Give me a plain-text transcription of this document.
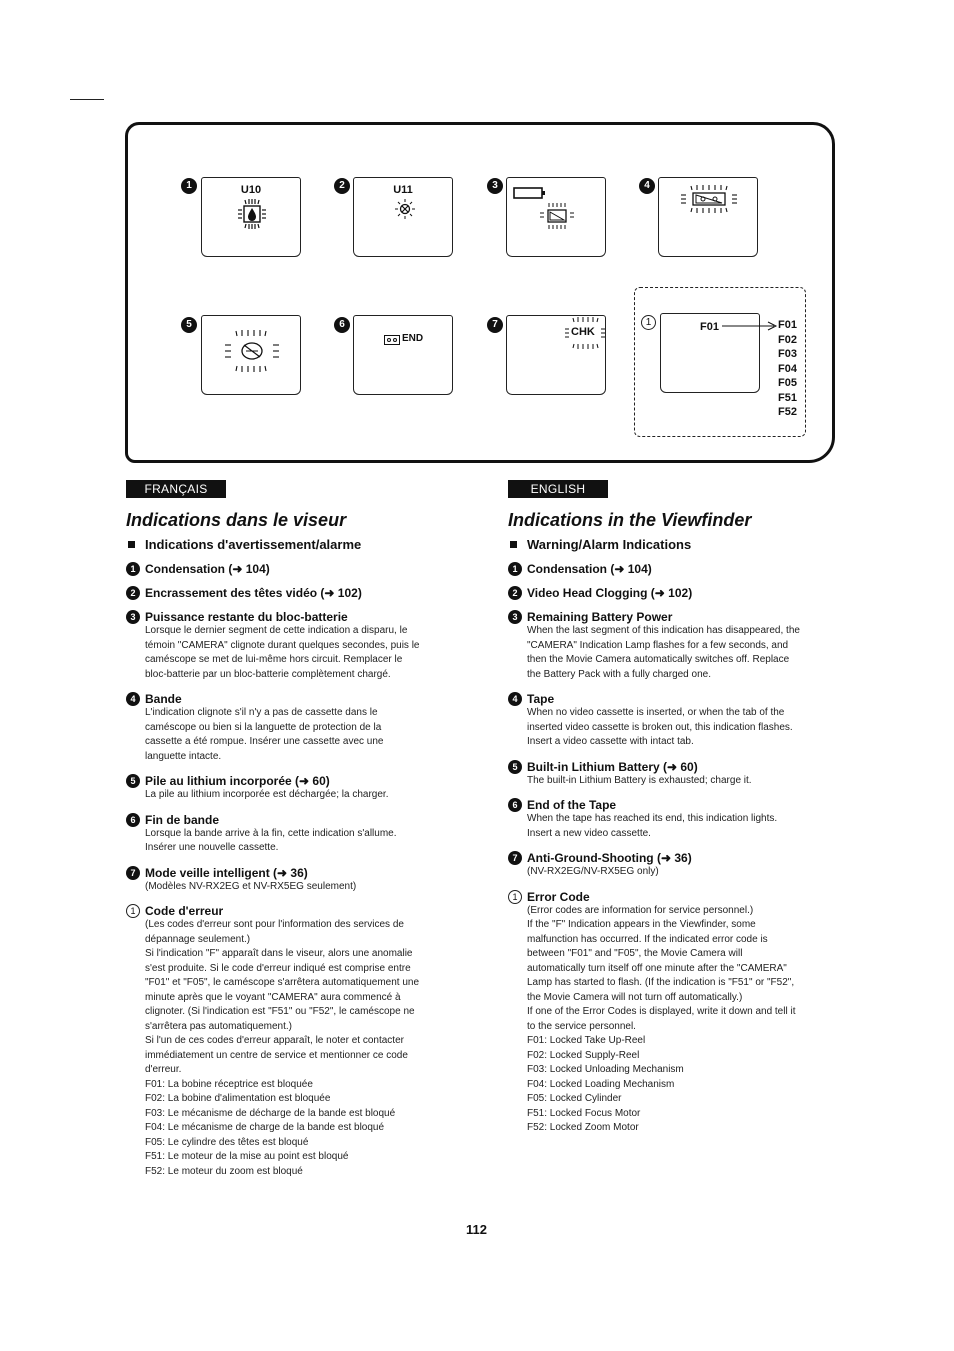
1	U10	2	U11	3	4
5	6
END
7
CHK
1	F01	F01
F02
F03
F04
F05
F51
F52
FRANÇAIS
Indications dans le viseur
Indications d'avertissement/alarme
1 Condensation (➜ 104)
2 Encrassement des têtes vidéo (➜ 102)
3 Puissance restante du bloc-batterie
Lorsque le dernier segment de cette indication a disparu, le
témoin "CAMERA" clignote durant quelques secondes, puis le
caméscope se met de lui-même hors circuit. Remplacer le
bloc-batterie par un bloc-batterie complètement chargé.
4 Bande
L'indication clignote s'il n'y a pas de cassette dans le
caméscope ou bien si la languette de protection de la
cassette a été rompue. Insérer une cassette avec une
languette intacte.
5 Pile au lithium incorporée (➜ 60)
La pile au lithium incorporée est déchargée; la charger.
6 Fin de bande
Lorsque la bande arrive à la fin, cette indication s'allume.
Insérer une nouvelle cassette.
7 Mode veille intelligent (➜ 36)
(Modèles NV-RX2EG et NV-RX5EG seulement)
1 Code d'erreur
(Les codes d'erreur sont pour l'information des services de
dépannage seulement.)
Si l'indication "F" apparaît dans le viseur, alors une anomalie
s'est produite. Si le code d'erreur indiqué est comprise entre
"F01" et "F05", le caméscope s'arrêtera automatiquement une
minute après que le voyant "CAMERA" aura commencé à
clignoter. (Si l'indication est "F51" ou "F52", le caméscope ne
s'arrêtera pas automatiquement.)
Si l'un de ces codes d'erreur apparaît, le noter et contacter
immédiatement un centre de service et mentionner ce code
d'erreur.
F01: La bobine réceptrice est bloquée
F02: La bobine d'alimentation est bloquée
F03: Le mécanisme de décharge de la bande est bloqué
F04: Le mécanisme de charge de la bande est bloqué
F05: Le cylindre des têtes est bloqué
F51: Le moteur de la mise au point est bloqué
F52: Le moteur du zoom est bloqué
ENGLISH
Indications in the Viewfinder
Warning/Alarm Indications
1 Condensation (➜ 104)
2 Video Head Clogging (➜ 102)
3 Remaining Battery Power
When the last segment of this indication has disappeared, the
"CAMERA" Indication Lamp flashes for a few seconds, and
then the Movie Camera automatically switches off. Replace
the Battery Pack with a fully charged one.
4 Tape
When no video cassette is inserted, or when the tab of the
inserted video cassette is broken out, this indication flashes.
Insert a video cassette with intact tab.
5 Built-in Lithium Battery (➜ 60)
The built-in Lithium Battery is exhausted; charge it.
6 End of the Tape
When the tape has reached its end, this indication lights.
Insert a new video cassette.
7 Anti-Ground-Shooting (➜ 36)
(NV-RX2EG/NV-RX5EG only)
1 Error Code
(Error codes are information for service personnel.)
If the "F" Indication appears in the Viewfinder, some
malfunction has occurred. If the indicated error code is
between "F01" and "F05", the Movie Camera will
automatically turn itself off one minute after the "CAMERA"
Lamp has started to flash. (If the indication is "F51" or "F52",
the Movie Camera will not turn off automatically.)
If one of the Error Codes is displayed, write it down and tell it
to the service personnel.
F01: Locked Take Up-Reel
F02: Locked Supply-Reel
F03: Locked Unloading Mechanism
F04: Locked Loading Mechanism
F05: Locked Cylinder
F51: Locked Focus Motor
F52: Locked Zoom Motor
112
